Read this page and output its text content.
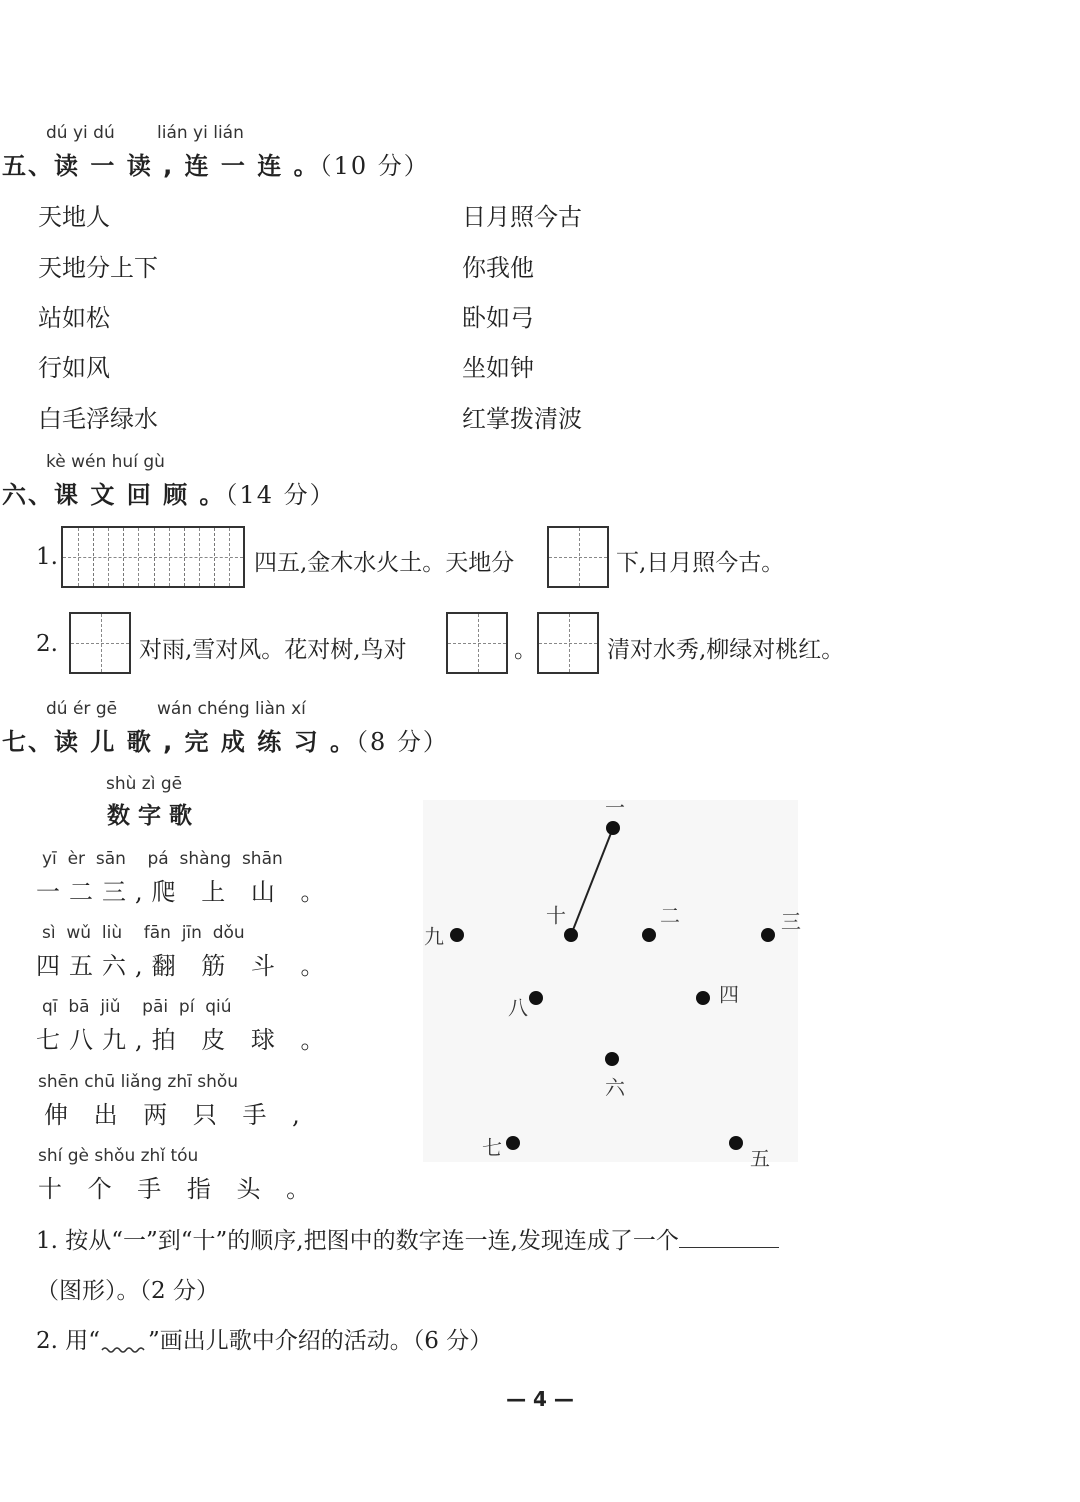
dú yi dú lián yi lián
五、读 一 读 , 连 一 连 。（10 分）
天地人
天地分上下
站如松
行如风
白毛浮绿水
日月照今古
你我他
卧如弓
坐如钟
红掌拨清波
kè wén huí gù
六、课 文 回 顾 。（14 分）
1.	四五,金木水火土。天地分	下,日月照今古。
2.	对雨,雪对风。花对树,鸟对	。	清对水秀,柳绿对桃红。
dú ér gē wán chéng liàn xí
七、读 儿 歌 , 完 成 练 习 。（8 分）
shù zì gē
数字歌
yī  èr  sān    pá  shàng  shān
一二三,爬 上 山 。
sì  wǔ  liù    fān  jīn  dǒu
四五六,翻 筋 斗 。
qī  bā  jiǔ    pāi  pí  qiú
七八九,拍 皮 球 。
shēn chū liǎng zhī shǒu
伸 出 两 只 手 ,
shí gè shǒu zhǐ tóu
十 个 手 指 头 。
一
二	三
四
五
六
七
八
九
十
1. 按从“一”到“十”的顺序,把图中的数字连一连,发现连成了一个
（图形）。（2 分）
2. 用“ ”画出儿歌中介绍的活动。（6 分）
— 4 —
